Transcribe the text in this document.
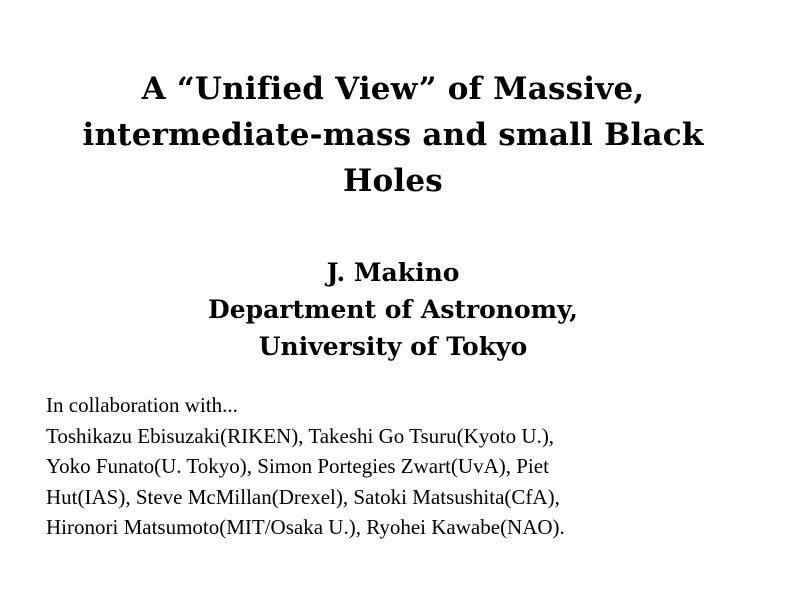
A “Unified View” of Massive,
intermediate-mass and small Black
Holes
J. Makino
Department of Astronomy,
University of Tokyo
In collaboration with...
Toshikazu Ebisuzaki(RIKEN), Takeshi Go Tsuru(Kyoto U.),
Yoko Funato(U. Tokyo), Simon Portegies Zwart(UvA), Piet
Hut(IAS), Steve McMillan(Drexel), Satoki Matsushita(CfA),
Hironori Matsumoto(MIT/Osaka U.), Ryohei Kawabe(NAO).
